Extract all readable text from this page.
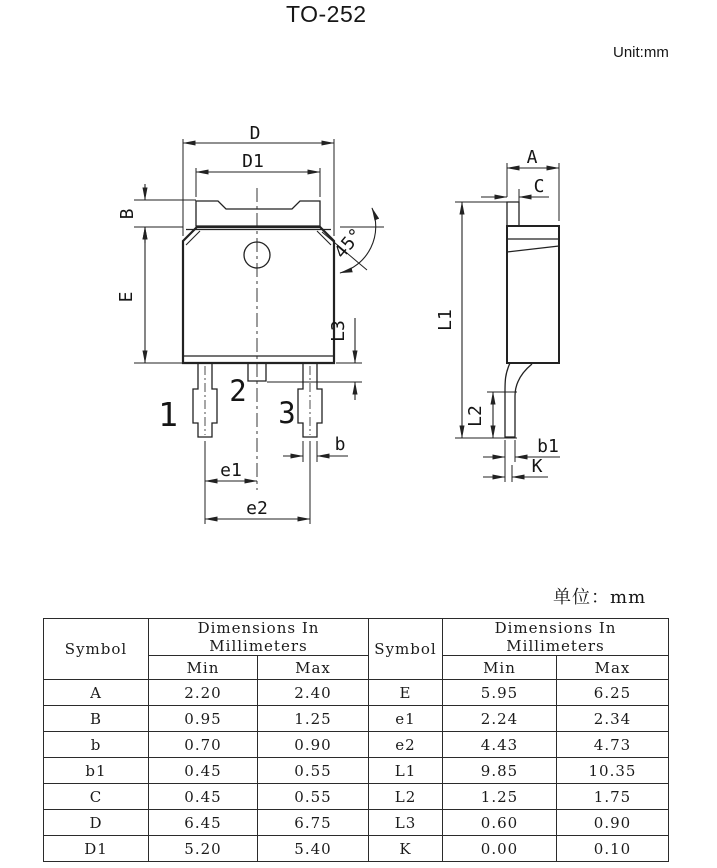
TO-252
Unit:mm
单位：mm
D
D1
B
E
L3
45°
b
e1
e2
1
2
3
A
C
L1
L2
b1
K
Symbol	Dimensions In Millimeters		Symbol	Dimensions In Millimeters	
	Min	Max		Min	Max
A	2.20	2.40	E	5.95	6.25
B	0.95	1.25	e1	2.24	2.34
b	0.70	0.90	e2	4.43	4.73
b1	0.45	0.55	L1	9.85	10.35
C	0.45	0.55	L2	1.25	1.75
D	6.45	6.75	L3	0.60	0.90
D1	5.20	5.40	K	0.00	0.10
